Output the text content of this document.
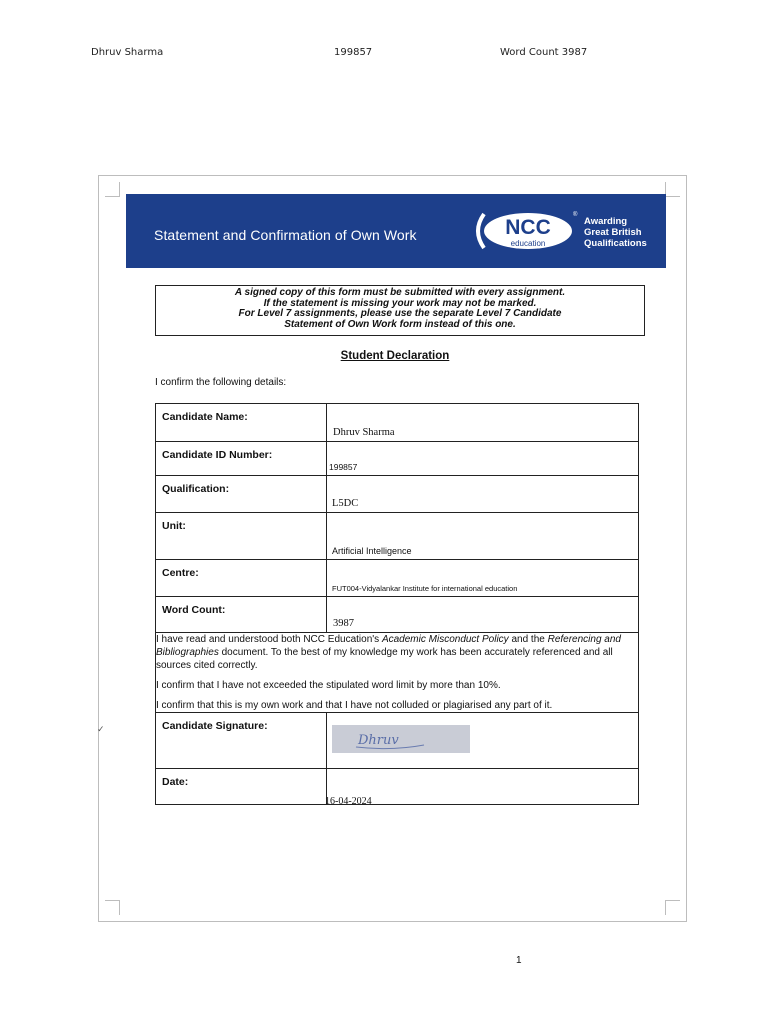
Dhruv Sharma	199857	Word Count 3987
Statement and Confirmation of Own Work	NCC
education
®
Awarding
Great British
Qualifications
A signed copy of this form must be submitted with every assignment.
If the statement is missing your work may not be marked.
For Level 7 assignments, please use the separate Level 7 Candidate
Statement of Own Work form instead of this one.
Student Declaration
I confirm the following details:
Candidate Name:	Dhruv Sharma

Candidate ID Number:	199857

Qualification:	L5DC

Unit:	Artificial Intelligence

Centre:	FUT004-Vidyalankar Institute for international education

Word Count:	3987

I have read and understood both NCC Education's Academic Misconduct Policy and the Referencing and Bibliographies document. To the best of my knowledge my work has been accurately referenced and all sources cited correctly.

I confirm that I have not exceeded the stipulated word limit by more than 10%.

I confirm that this is my own work and that I have not colluded or plagiarised any part of it.	

Candidate Signature:	Dhruv

Date:	16-04-2024
✓
1
